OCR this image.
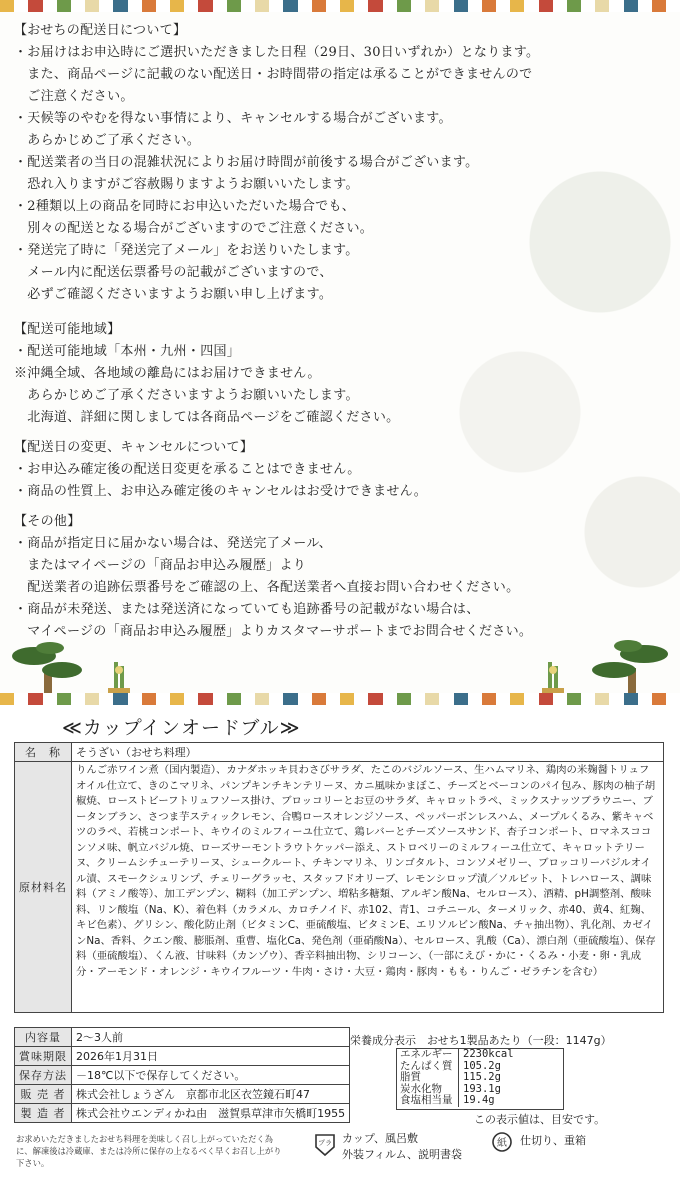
【おせちの配送日について】
・お届けはお申込時にご選択いただきました日程（29日、30日いずれか）となります。
　また、商品ページに記載のない配送日・お時間帯の指定は承ることができませんので
　ご注意ください。
・天候等のやむを得ない事情により、キャンセルする場合がございます。
　あらかじめご了承ください。
・配送業者の当日の混雑状況によりお届け時間が前後する場合がございます。
　恐れ入りますがご容赦賜りますようお願いいたします。
・2種類以上の商品を同時にお申込いただいた場合でも、
　別々の配送となる場合がございますのでご注意ください。
・発送完了時に「発送完了メール」をお送りいたします。
　メール内に配送伝票番号の記載がございますので、
　必ずご確認くださいますようお願い申し上げます。
【配送可能地域】
・配送可能地域「本州・九州・四国」
※沖縄全域、各地域の離島にはお届けできません。
　あらかじめご了承くださいますようお願いいたします。
　北海道、詳細に関しましては各商品ページをご確認ください。
【配送日の変更、キャンセルについて】
・お申込み確定後の配送日変更を承ることはできません。
・商品の性質上、お申込み確定後のキャンセルはお受けできません。
【その他】
・商品が指定日に届かない場合は、発送完了メール、
　またはマイページの「商品お申込み履歴」より
　配送業者の追跡伝票番号をご確認の上、各配送業者へ直接お問い合わせください。
・商品が未発送、または発送済になっていても追跡番号の記載がない場合は、
　マイページの「商品お申込み履歴」よりカスタマーサポートまでお問合せください。
≪カップインオードブル≫
名　称	そうざい（おせち料理）
原材料名	りんご赤ワイン煮（国内製造）、カナダホッキ貝わさびサラダ、たこのバジルソース、生ハムマリネ、鶏肉の米麹醤トリュフオイル仕立て、きのこマリネ、パンプキンチキンテリーヌ、カニ風味かまぼこ、チーズとベーコンのパイ包み、豚肉の柚子胡椒焼、ローストビーフトリュフソース掛け、ブロッコリーとお豆のサラダ、キャロットラペ、ミックスナッツブラウニー、ブータンブラン、さつま芋スティックレモン、合鴨ロースオレンジソース、ペッパーボンレスハム、メープルくるみ、紫キャベツのラペ、若桃コンポート、キウイのミルフィーユ仕立て、鶏レバーとチーズソースサンド、杏子コンポート、ロマネスココンソメ味、帆立バジル焼、ローズサーモントラウトケッパー添え、ストロベリーのミルフィーユ仕立て、キャロットテリーヌ、クリームシチューテリーヌ、シュークルート、チキンマリネ、リンゴタルト、コンソメゼリー、ブロッコリーバジルオイル漬、スモークシュリンプ、チェリーグラッセ、スタッフドオリーブ、レモンシロップ漬／ソルビット、トレハロース、調味料（アミノ酸等）、加工デンプン、糊料（加工デンプン、増粘多糖類、アルギン酸Na、セルロース）、酒精、pH調整剤、酸味料、リン酸塩（Na、K）、着色料（カラメル、カロチノイド、赤102、青1、コチニール、ターメリック、赤40、黄4、紅麹、キビ色素）、グリシン、酸化防止剤（ビタミンC、亜硫酸塩、ビタミンE、エリソルビン酸Na、チャ抽出物）、乳化剤、カゼインNa、香料、クエン酸、膨脹剤、重曹、塩化Ca、発色剤（亜硝酸Na）、セルロース、乳酸（Ca）、漂白剤（亜硫酸塩）、保存料（亜硫酸塩）、くん液、甘味料（カンゾウ）、香辛料抽出物、シリコーン、（一部にえび・かに・くるみ・小麦・卵・乳成分・アーモンド・オレンジ・キウイフルーツ・牛肉・さけ・大豆・鶏肉・豚肉・もも・りんご・ゼラチンを含む）
内容量	2～3人前
賞味期限	2026年1月31日
保存方法	－18℃以下で保存してください。
販 売 者	株式会社しょうざん　京都市北区衣笠鏡石町47
製 造 者	株式会社ウエンディかね由　滋賀県草津市矢橋町1955
栄養成分表示　おせち1製品あたり（一段：1147g）
エネルギー	2230kcal
たんぱく質	105.2g
脂質	115.2g
炭水化物	193.1g
食塩相当量	19.4g
この表示値は、目安です。
お求めいただきましたおせち料理を美味しく召し上がっていただく為に、解凍後は冷蔵庫、または冷所に保存の上なるべく早くお召し上がり下さい。
プラ カップ、風呂敷
外装フィルム、説明書袋
紙 仕切り、重箱
